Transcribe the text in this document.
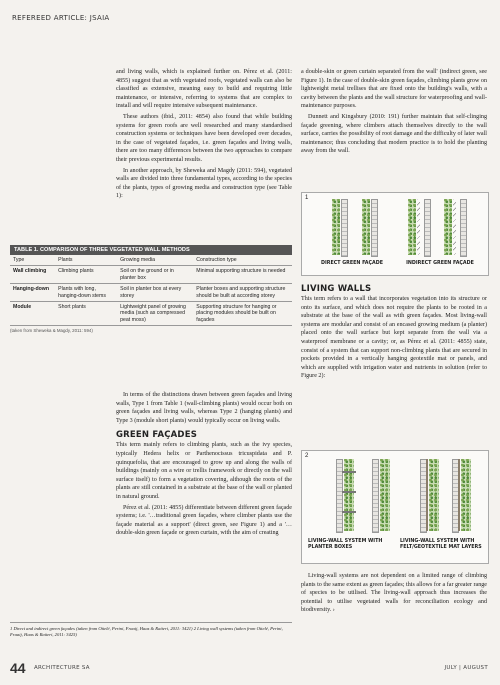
REFEREED ARTICLE: JSAIA

and living walls, which is explained further on. Pérez et al. (2011: 4855) suggest that as with vegetated roofs, vegetated walls can also be classified as extensive, meaning easy to build and requiring little maintenance, or intensive, referring to systems that are complex to install and will require intensive subsequent maintenance.

These authors (ibid., 2011: 4854) also found that while building systems for green roofs are well researched and many standardised construction systems or techniques have been developed over decades, in the case of vegetated façades, i.e. green façades and living walls, there are too many differences between the two approaches to compare their previous experimental results.

In another approach, by Sheweka and Magdy (2011: 594), vegetated walls are divided into three fundamental types, according to the species of the plants, types of growing media and construction type (see Table 1):

TABLE 1. COMPARISON OF THREE VEGETATED WALL METHODS
Type	Plants	Growing media	Construction type
Wall climbing	Climbing plants	Soil on the ground or in planter box	Minimal supporting structure is needed
Hanging-down	Plants with long, hanging-down stems	Soil in planter box at every storey	Planter boxes and supporting structure should be built at according storey
Module	Short plants	Lightweight panel of growing media (such as compressed peat moss)	Supporting structure for hanging or placing modules should be built on façades
(taken from Sheweka & Magdy, 2011: 594)

In terms of the distinctions drawn between green façades and living walls, Type 1 from Table 1 (wall-climbing plants) would occur both on green façades and living walls, whereas Type 2 (hanging plants) and Type 3 (module short plants) would typically occur on living walls.

GREEN FAÇADES

This term mainly refers to climbing plants, such as the ivy species, typically Hedera helix or Parthenocissus tricuspidata and P. quinquefolia, that are encouraged to grow up and along the walls of buildings (mainly on a wire or trellis framework or directly on the wall surface itself) to form a vegetation covering, although the roots of the plants are still contained in a substrate at the base of the wall or planted in natural ground.

Pérez et al. (2011: 4855) differentiate between different green façade systems; i.e. '…traditional green façades, where climber plants use the façade material as a support' (direct green, see Figure 1) and a '…double-skin green façade or green curtain, with the aim of creating

a double-skin or green curtain separated from the wall' (indirect green, see Figure 1). In the case of double-skin green façades, climbing plants grow on lightweight metal trellises that are fixed onto the building's walls, with a cavity between the plants and the wall structure for waterproofing and wall-maintenance purposes.

Dunnett and Kingsbury (2010: 191) further maintain that self-clinging façade greening, where climbers attach themselves directly to the wall surface, carries the possibility of root damage and the difficulty of later wall maintenance; thus concluding that modern practice is to hold the planting away from the wall.

1
DIRECT GREEN FAÇADE	INDIRECT GREEN FAÇADE
LIVING WALLS

This term refers to a wall that incorporates vegetation into its structure or onto its surface, and which does not require the plants to be rooted in a substrate at the base of the wall as with green façades. Most living-wall systems are modular and consist of an encased growing medium (a planter) placed onto the wall surface but kept separate from the wall via a waterproof membrane or a cavity; or, as Pérez et al. (2011: 4855) state, consist of a system that can support non-climbing plants that are secured in pockets provided in a vertically hanging geotextile mat or panels, and which are supplied with irrigation water and nutrients in solution (refer to Figure 2):

2
LIVING-WALL SYSTEM WITH PLANTER BOXES
LIVING-WALL SYSTEM WITH FELT/GEOTEXTILE MAT LAYERS

Living-wall systems are not dependent on a limited range of climbing plants to the same extent as green façades; this allows for a far greater range of species to be utilised. The living-wall approach thus increases the potential to utilise vegetated walls for reconciliation ecology and biodiversity. ›

1 Direct and indirect green façades (taken from Ottelé, Perini, Fraaij, Haas & Raiteri, 2011: 3421) 2 Living wall systems (taken from Ottelé, Perini, Fraaij, Haas & Raiteri, 2011: 3425)
44 ARCHITECTURE SA	JULY | AUGUST
